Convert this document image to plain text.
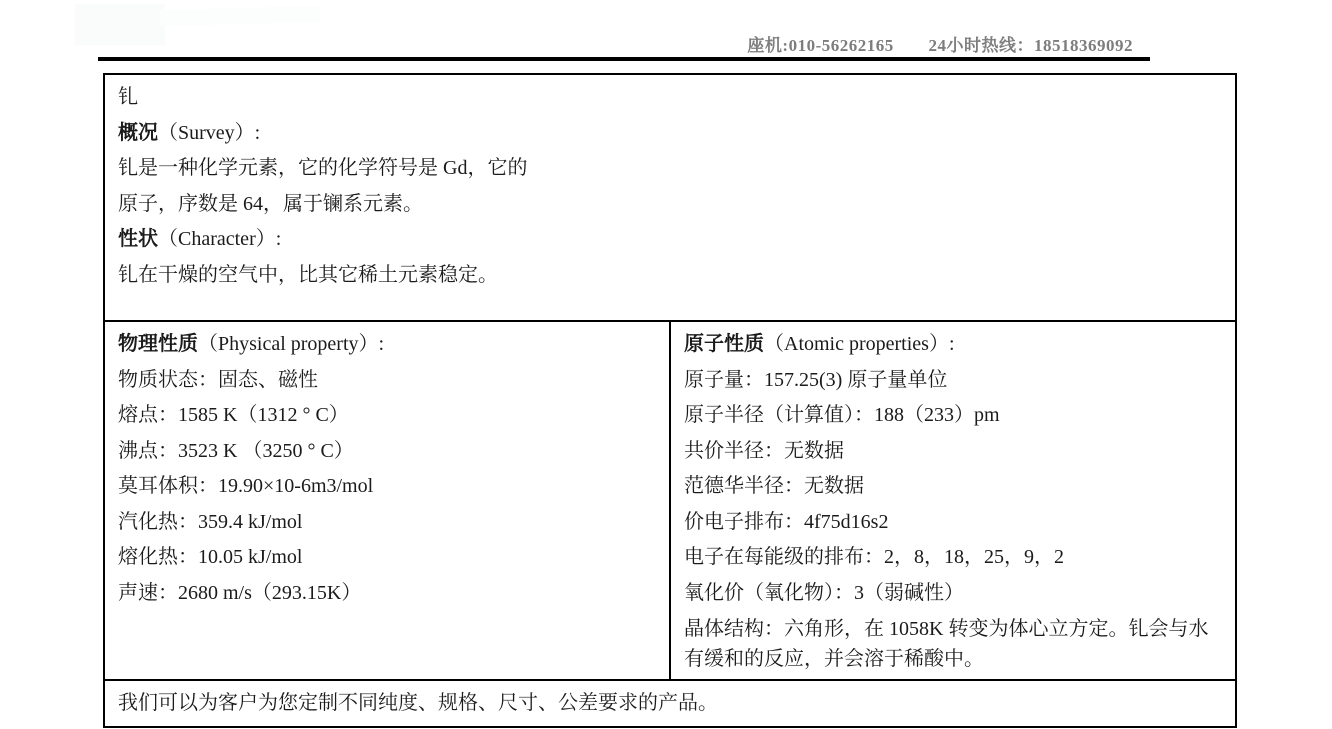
座机:010-56262165 24小时热线：18518369092
钆
概况（Survey）:
钆是一种化学元素，它的化学符号是 Gd，它的
原子，序数是 64，属于镧系元素。
性状（Character）:
钆在干燥的空气中，比其它稀土元素稳定。

物理性质（Physical property）:
物质状态：固态、磁性
熔点：1585 K（1312 ° C）
沸点：3523 K （3250 ° C）
莫耳体积：19.90×10-6m3/mol
汽化热：359.4 kJ/mol
熔化热：10.05 kJ/mol
声速：2680 m/s（293.15K）

原子性质（Atomic properties）:
原子量：157.25(3) 原子量单位
原子半径（计算值）：188（233）pm
共价半径：无数据
范德华半径：无数据
价电子排布：4f75d16s2
电子在每能级的排布：2，8，18，25，9，2
氧化价（氧化物）：3（弱碱性）
晶体结构：六角形，在 1058K 转变为体心立方定。钆会与水有缓和的反应，并会溶于稀酸中。

我们可以为客户为您定制不同纯度、规格、尺寸、公差要求的产品。
